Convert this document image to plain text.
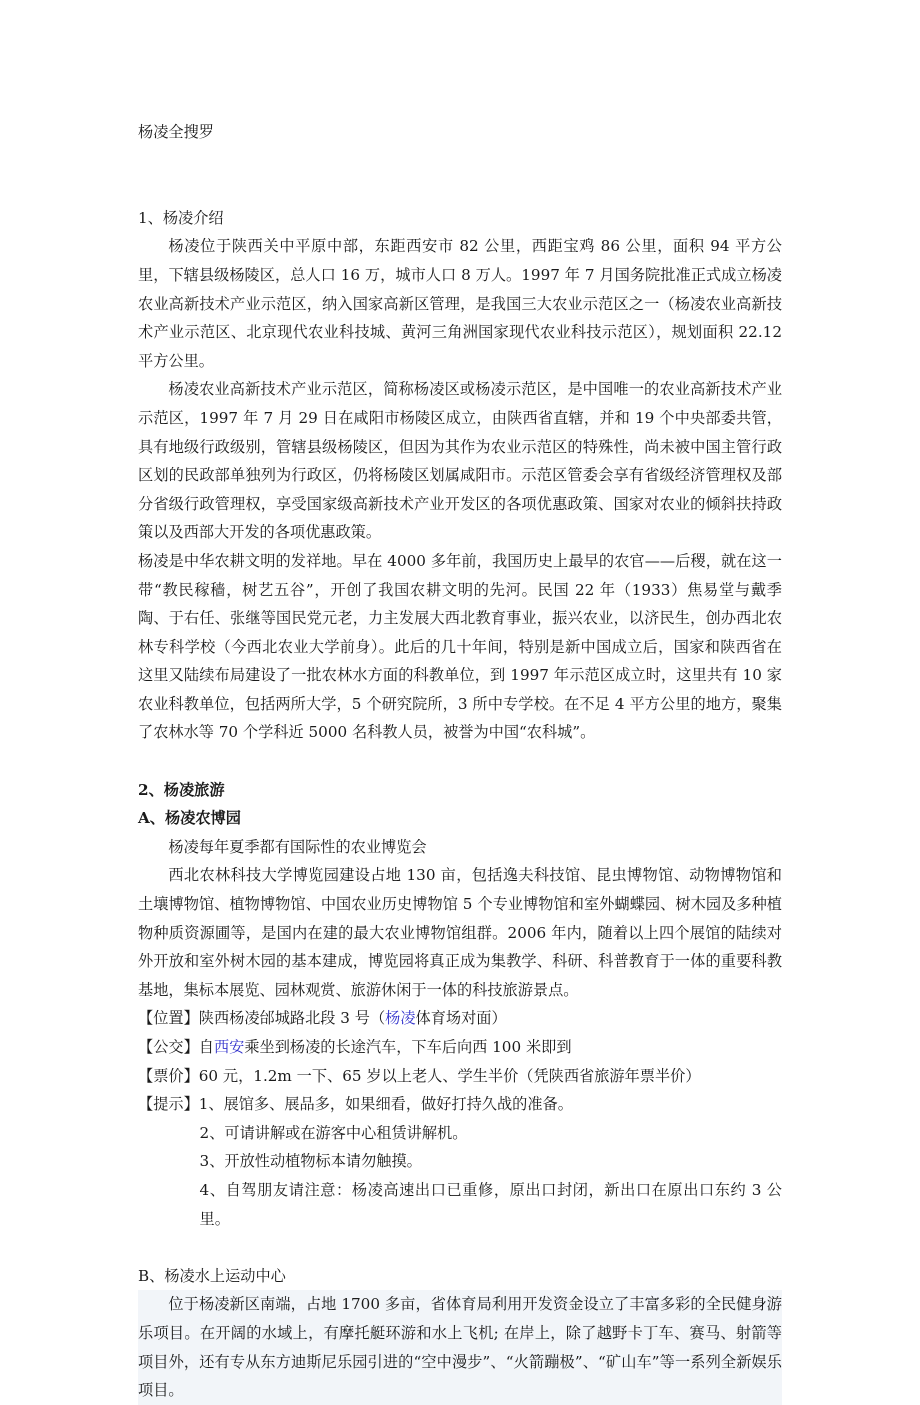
杨凌全搜罗

1、杨凌介绍

杨凌位于陕西关中平原中部，东距西安市 82 公里，西距宝鸡 86 公里，面积 94 平方公里，下辖县级杨陵区，总人口 16 万，城市人口 8 万人。1997 年 7 月国务院批准正式成立杨凌农业高新技术产业示范区，纳入国家高新区管理，是我国三大农业示范区之一（杨凌农业高新技术产业示范区、北京现代农业科技城、黄河三角洲国家现代农业科技示范区），规划面积 22.12 平方公里。

杨凌农业高新技术产业示范区，简称杨凌区或杨凌示范区，是中国唯一的农业高新技术产业示范区，1997 年 7 月 29 日在咸阳市杨陵区成立，由陕西省直辖，并和 19 个中央部委共管，具有地级行政级别，管辖县级杨陵区，但因为其作为农业示范区的特殊性，尚未被中国主管行政区划的民政部单独列为行政区，仍将杨陵区划属咸阳市。示范区管委会享有省级经济管理权及部分省级行政管理权，享受国家级高新技术产业开发区的各项优惠政策、国家对农业的倾斜扶持政策以及西部大开发的各项优惠政策。

杨凌是中华农耕文明的发祥地。早在 4000 多年前，我国历史上最早的农官——后稷，就在这一带“教民稼穑，树艺五谷”，开创了我国农耕文明的先河。民国 22 年（1933）焦易堂与戴季陶、于右任、张继等国民党元老，力主发展大西北教育事业，振兴农业，以济民生，创办西北农林专科学校（今西北农业大学前身）。此后的几十年间，特别是新中国成立后，国家和陕西省在这里又陆续布局建设了一批农林水方面的科教单位，到 1997 年示范区成立时，这里共有 10 家农业科教单位，包括两所大学，5 个研究院所，3 所中专学校。在不足 4 平方公里的地方，聚集了农林水等 70 个学科近 5000 名科教人员，被誉为中国“农科城”。

2、杨凌旅游

A、杨凌农博园

杨凌每年夏季都有国际性的农业博览会

西北农林科技大学博览园建设占地 130 亩，包括逸夫科技馆、昆虫博物馆、动物博物馆和土壤博物馆、植物博物馆、中国农业历史博物馆 5 个专业博物馆和室外蝴蝶园、树木园及多种植物种质资源圃等，是国内在建的最大农业博物馆组群。2006 年内，随着以上四个展馆的陆续对外开放和室外树木园的基本建成，博览园将真正成为集教学、科研、科普教育于一体的重要科教基地，集标本展览、园林观赏、旅游休闲于一体的科技旅游景点。

【位置】陕西杨凌邰城路北段 3 号（杨凌体育场对面）

【公交】自西安乘坐到杨凌的长途汽车，下车后向西 100 米即到

【票价】60 元，1.2m 一下、65 岁以上老人、学生半价（凭陕西省旅游年票半价）

【提示】1、展馆多、展品多，如果细看，做好打持久战的准备。

2、可请讲解或在游客中心租赁讲解机。

3、开放性动植物标本请勿触摸。

4、自驾朋友请注意：杨凌高速出口已重修，原出口封闭，新出口在原出口东约 3 公里。

B、杨凌水上运动中心

位于杨凌新区南端，占地 1700 多亩，省体育局利用开发资金设立了丰富多彩的全民健身游乐项目。在开阔的水域上，有摩托艇环游和水上飞机; 在岸上，除了越野卡丁车、赛马、射箭等项目外，还有专从东方迪斯尼乐园引进的“空中漫步”、“火箭蹦极”、“矿山车”等一系列全新娱乐项目。
